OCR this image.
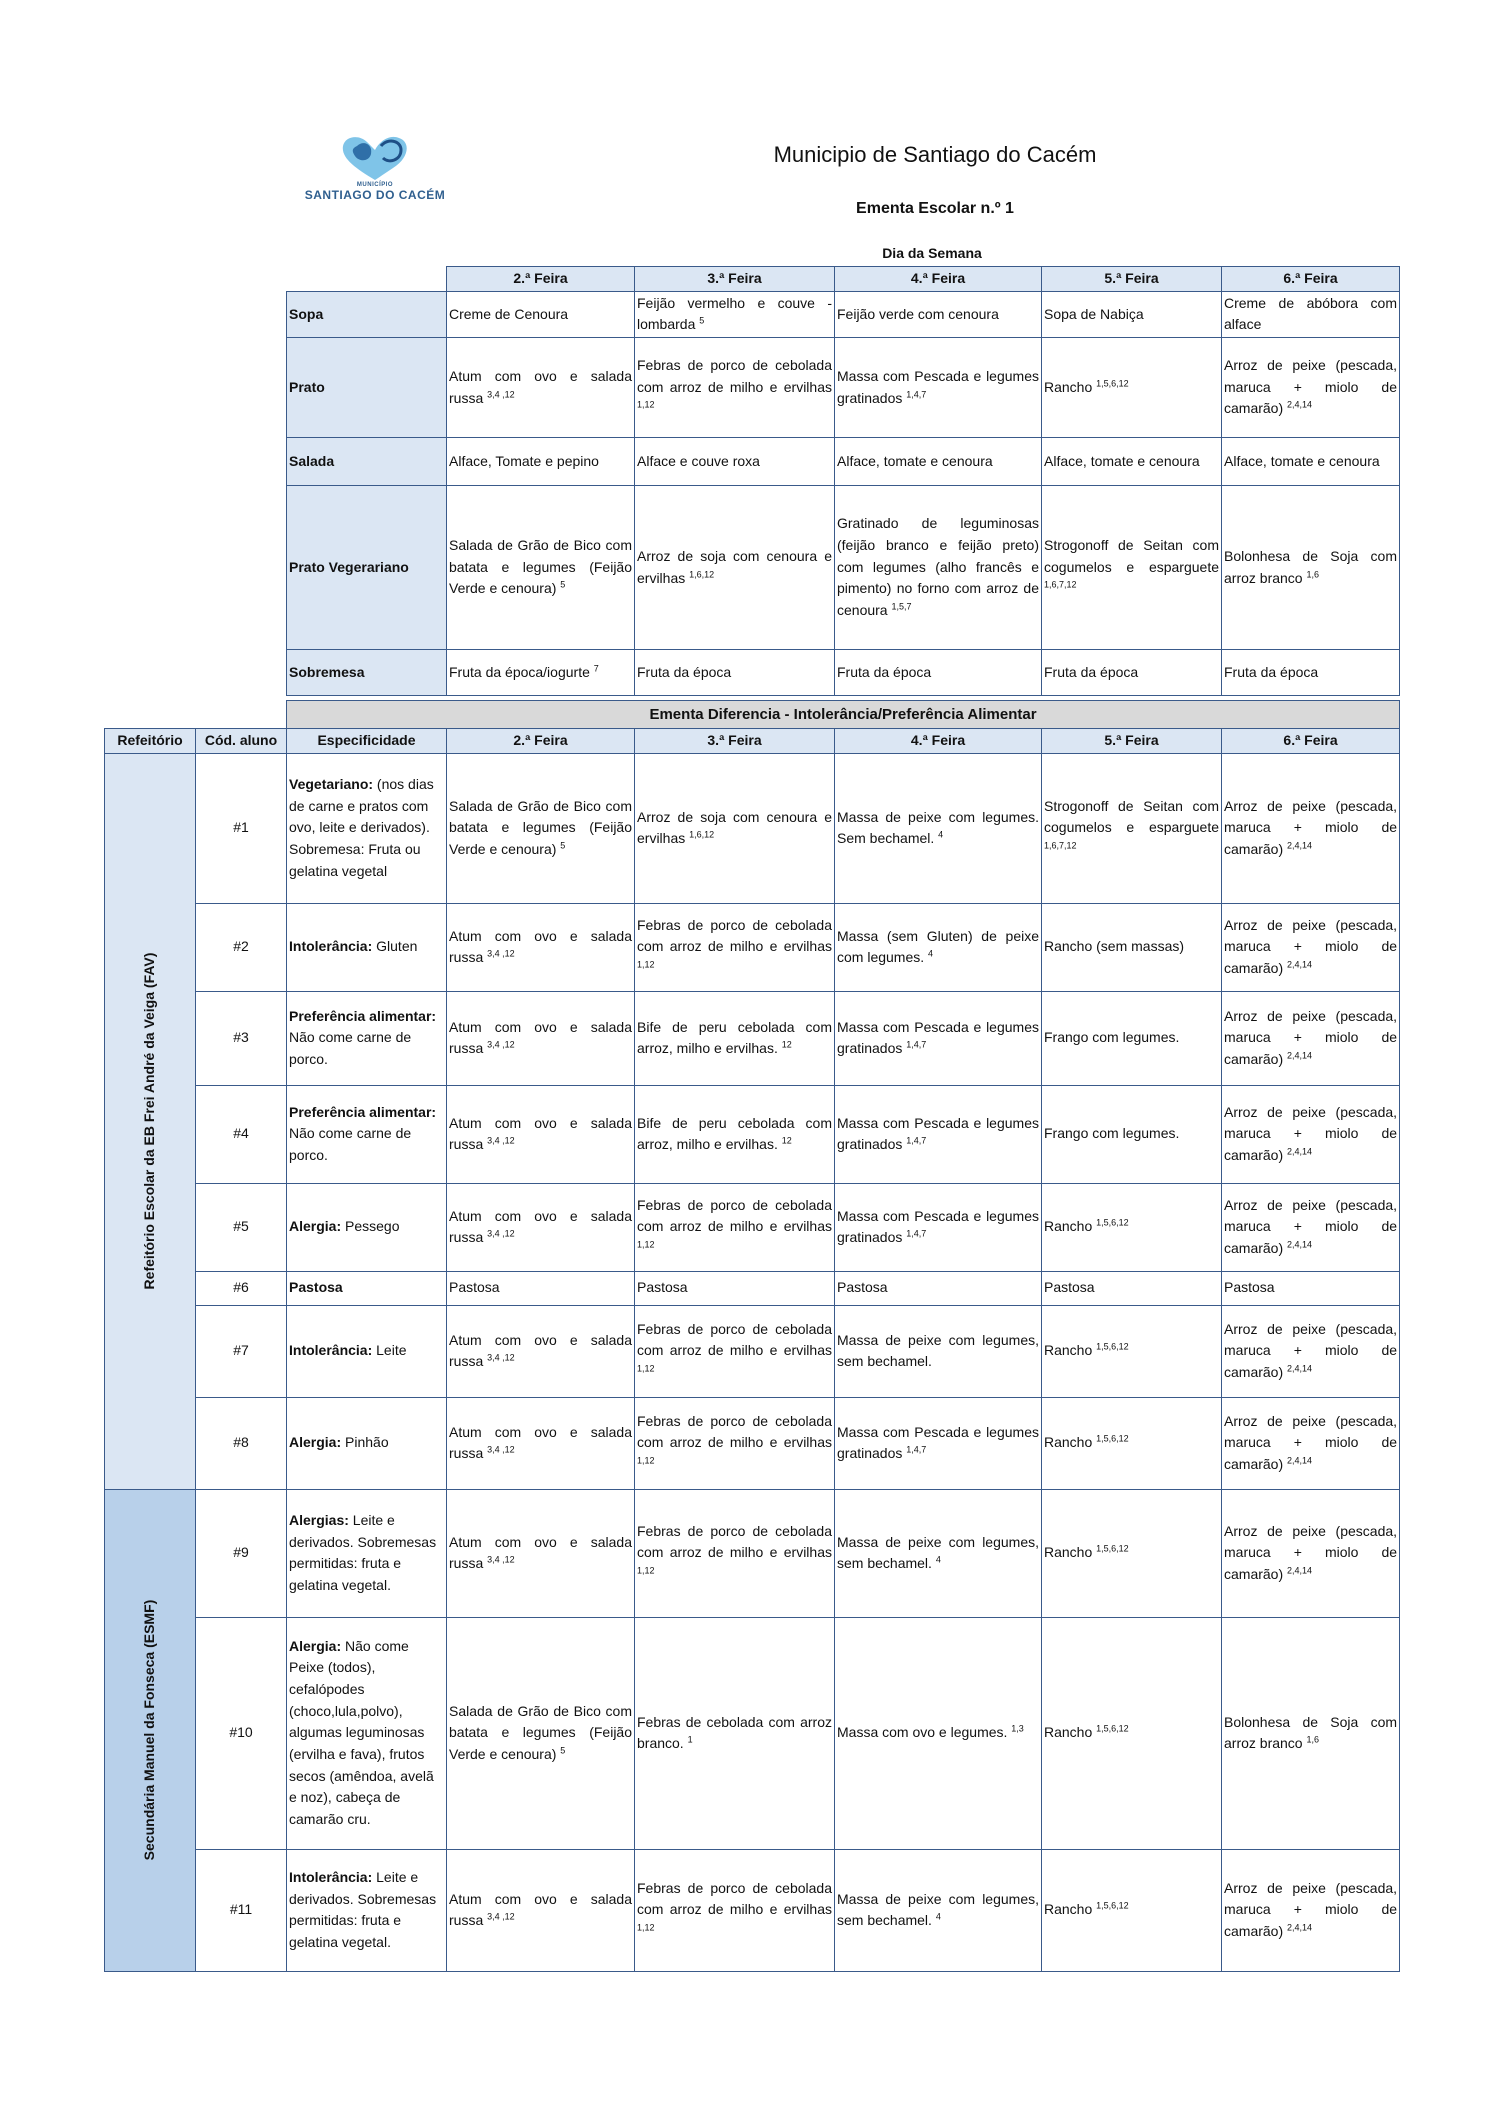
MUNICÍPIO
SANTIAGO DO CACÉM
Municipio de Santiago do Cacém
Ementa Escolar n.º 1
Dia da Semana
	2.ª Feira	3.ª Feira	4.ª Feira	5.ª Feira	6.ª Feira
Sopa	Creme de Cenoura	Feijão vermelho e couve - lombarda $^5$	Feijão verde com cenoura	Sopa de Nabiça	Creme de abóbora com alface
Prato	Atum com ovo e salada russa $^{3,4 ,12}$	Febras de porco de cebolada com arroz de milho e ervilhas $^{1,12}$	Massa com Pescada e legumes gratinados $^{1,4,7}$	Rancho $^{1,5,6,12}$	Arroz de peixe (pescada, maruca + miolo de camarão) $^{2,4,14}$
Salada	Alface, Tomate e pepino	Alface e couve roxa	Alface, tomate e cenoura	Alface, tomate e cenoura	Alface, tomate e cenoura
Prato Vegerariano	Salada de Grão de Bico com batata e legumes (Feijão Verde e cenoura) $^5$	Arroz de soja com cenoura e ervilhas $^{1,6,12}$	Gratinado de leguminosas (feijão branco e feijão preto) com legumes (alho francês e pimento) no forno com arroz de cenoura $^{1,5,7}$	Strogonoff de Seitan com cogumelos e esparguete $^{1,6,7,12}$	Bolonhesa de Soja com arroz branco $^{1,6}$
Sobremesa	Fruta da época/iogurte $^7$	Fruta da época	Fruta da época	Fruta da época	Fruta da época
		Ementa Diferencia - Intolerância/Preferência Alimentar					
Refeitório	Cód. aluno	Especificidade	2.ª Feira	3.ª Feira	4.ª Feira	5.ª Feira	6.ª Feira

Refeitório Escolar da EB Frei André da Veiga (FAV)	#1	Vegetariano: (nos dias de carne e pratos com ovo, leite e derivados). Sobremesa: Fruta ou gelatina vegetal	Salada de Grão de Bico com batata e legumes (Feijão Verde e cenoura) $^5$	Arroz de soja com cenoura e ervilhas $^{1,6,12}$	Massa de peixe com legumes. Sem bechamel. $^4$	Strogonoff de Seitan com cogumelos e esparguete $^{1,6,7,12}$	Arroz de peixe (pescada, maruca + miolo de camarão) $^{2,4,14}$
	#2	Intolerância: Gluten	Atum com ovo e salada russa $^{3,4 ,12}$	Febras de porco de cebolada com arroz de milho e ervilhas $^{1,12}$	Massa (sem Gluten) de peixe com legumes. $^4$	Rancho (sem massas)	Arroz de peixe (pescada, maruca + miolo de camarão) $^{2,4,14}$
	#3	Preferência alimentar: Não come carne de porco.	Atum com ovo e salada russa $^{3,4 ,12}$	Bife de peru cebolada com arroz, milho e ervilhas. $^{12}$	Massa com Pescada e legumes gratinados $^{1,4,7}$	Frango com legumes.	Arroz de peixe (pescada, maruca + miolo de camarão) $^{2,4,14}$
	#4	Preferência alimentar: Não come carne de porco.	Atum com ovo e salada russa $^{3,4 ,12}$	Bife de peru cebolada com arroz, milho e ervilhas. $^{12}$	Massa com Pescada e legumes gratinados $^{1,4,7}$	Frango com legumes.	Arroz de peixe (pescada, maruca + miolo de camarão) $^{2,4,14}$
	#5	Alergia: Pessego	Atum com ovo e salada russa $^{3,4 ,12}$	Febras de porco de cebolada com arroz de milho e ervilhas $^{1,12}$	Massa com Pescada e legumes gratinados $^{1,4,7}$	Rancho $^{1,5,6,12}$	Arroz de peixe (pescada, maruca + miolo de camarão) $^{2,4,14}$
	#6	Pastosa	Pastosa	Pastosa	Pastosa	Pastosa	Pastosa
	#7	Intolerância: Leite	Atum com ovo e salada russa $^{3,4 ,12}$	Febras de porco de cebolada com arroz de milho e ervilhas $^{1,12}$	Massa de peixe com legumes, sem bechamel.	Rancho $^{1,5,6,12}$	Arroz de peixe (pescada, maruca + miolo de camarão) $^{2,4,14}$
	#8	Alergia: Pinhão	Atum com ovo e salada russa $^{3,4 ,12}$	Febras de porco de cebolada com arroz de milho e ervilhas $^{1,12}$	Massa com Pescada e legumes gratinados $^{1,4,7}$	Rancho $^{1,5,6,12}$	Arroz de peixe (pescada, maruca + miolo de camarão) $^{2,4,14}$

Secundária Manuel da Fonseca (ESMF)	#9	Alergias: Leite e derivados. Sobremesas permitidas: fruta e gelatina vegetal.	Atum com ovo e salada russa $^{3,4 ,12}$	Febras de porco de cebolada com arroz de milho e ervilhas $^{1,12}$	Massa de peixe com legumes, sem bechamel. $^4$	Rancho $^{1,5,6,12}$	Arroz de peixe (pescada, maruca + miolo de camarão) $^{2,4,14}$
	#10	Alergia: Não come Peixe (todos), cefalópodes (choco,lula,polvo), algumas leguminosas (ervilha e fava), frutos secos (amêndoa, avelã e noz), cabeça de camarão cru.	Salada de Grão de Bico com batata e legumes (Feijão Verde e cenoura) $^5$	Febras de cebolada com arroz branco. $^1$	Massa com ovo e legumes. $^{1,3}$	Rancho $^{1,5,6,12}$	Bolonhesa de Soja com arroz branco $^{1,6}$
	#11	Intolerância: Leite e derivados. Sobremesas permitidas: fruta e gelatina vegetal.	Atum com ovo e salada russa $^{3,4 ,12}$	Febras de porco de cebolada com arroz de milho e ervilhas $^{1,12}$	Massa de peixe com legumes, sem bechamel. $^4$	Rancho $^{1,5,6,12}$	Arroz de peixe (pescada, maruca + miolo de camarão) $^{2,4,14}$
